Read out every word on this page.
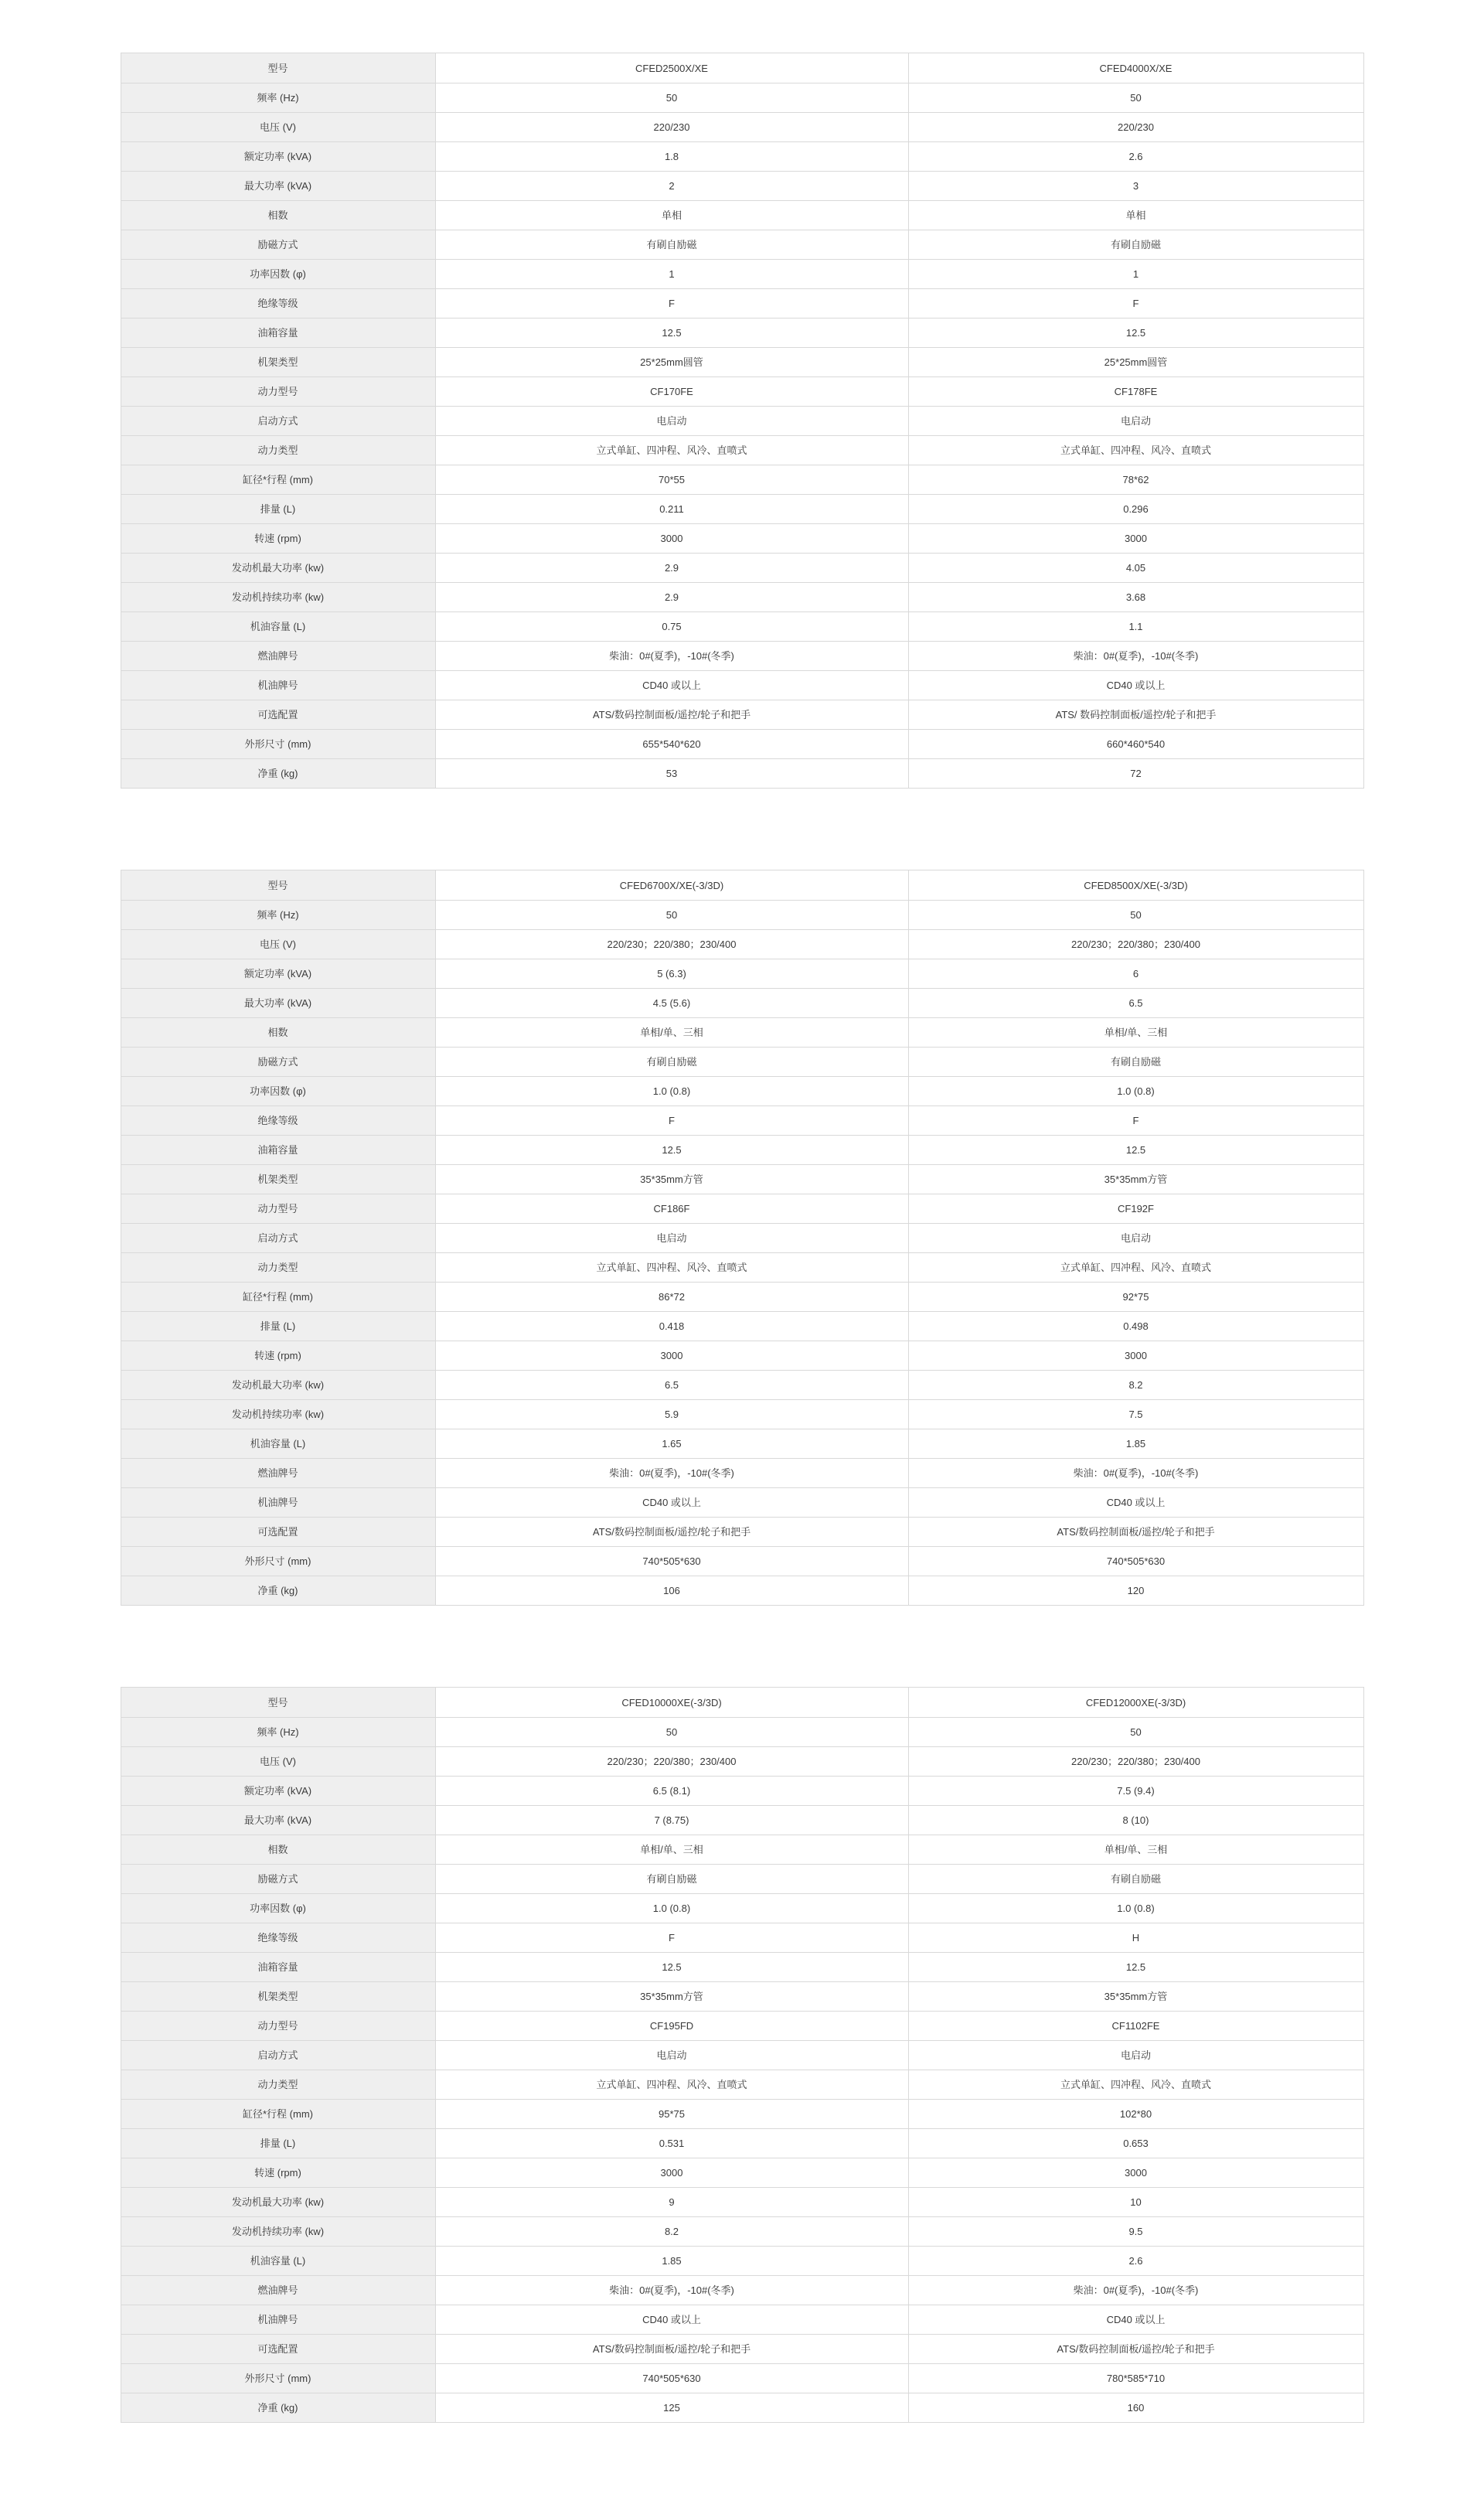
型号	CFED2500X/XE	CFED4000X/XE
频率 (Hz)	50	50
电压 (V)	220/230	220/230
额定功率 (kVA)	1.8	2.6
最大功率 (kVA)	2	3
相数	单相	单相
励磁方式	有刷自励磁	有刷自励磁
功率因数 (φ)	1	1
绝缘等级	F	F
油箱容量	12.5	12.5
机架类型	25*25mm圆管	25*25mm圆管
动力型号	CF170FE	CF178FE
启动方式	电启动	电启动
动力类型	立式单缸、四冲程、风冷、直喷式	立式单缸、四冲程、风冷、直喷式
缸径*行程 (mm)	70*55	78*62
排量 (L)	0.211	0.296
转速 (rpm)	3000	3000
发动机最大功率 (kw)	2.9	4.05
发动机持续功率 (kw)	2.9	3.68
机油容量 (L)	0.75	1.1
燃油牌号	柴油：0#(夏季)，-10#(冬季)	柴油：0#(夏季)，-10#(冬季)
机油牌号	CD40 或以上	CD40 或以上
可选配置	ATS/数码控制面板/遥控/轮子和把手	ATS/ 数码控制面板/遥控/轮子和把手
外形尺寸 (mm)	655*540*620	660*460*540
净重 (kg)	53	72
型号	CFED6700X/XE(-3/3D)	CFED8500X/XE(-3/3D)
频率 (Hz)	50	50
电压 (V)	220/230；220/380；230/400	220/230；220/380；230/400
额定功率 (kVA)	5 (6.3)	6
最大功率 (kVA)	4.5 (5.6)	6.5
相数	单相/单、三相	单相/单、三相
励磁方式	有刷自励磁	有刷自励磁
功率因数 (φ)	1.0 (0.8)	1.0 (0.8)
绝缘等级	F	F
油箱容量	12.5	12.5
机架类型	35*35mm方管	35*35mm方管
动力型号	CF186F	CF192F
启动方式	电启动	电启动
动力类型	立式单缸、四冲程、风冷、直喷式	立式单缸、四冲程、风冷、直喷式
缸径*行程 (mm)	86*72	92*75
排量 (L)	0.418	0.498
转速 (rpm)	3000	3000
发动机最大功率 (kw)	6.5	8.2
发动机持续功率 (kw)	5.9	7.5
机油容量 (L)	1.65	1.85
燃油牌号	柴油：0#(夏季)，-10#(冬季)	柴油：0#(夏季)，-10#(冬季)
机油牌号	CD40 或以上	CD40 或以上
可选配置	ATS/数码控制面板/遥控/轮子和把手	ATS/数码控制面板/遥控/轮子和把手
外形尺寸 (mm)	740*505*630	740*505*630
净重 (kg)	106	120
型号	CFED10000XE(-3/3D)	CFED12000XE(-3/3D)
频率 (Hz)	50	50
电压 (V)	220/230；220/380；230/400	220/230；220/380；230/400
额定功率 (kVA)	6.5 (8.1)	7.5 (9.4)
最大功率 (kVA)	7 (8.75)	8 (10)
相数	单相/单、三相	单相/单、三相
励磁方式	有刷自励磁	有刷自励磁
功率因数 (φ)	1.0 (0.8)	1.0 (0.8)
绝缘等级	F	H
油箱容量	12.5	12.5
机架类型	35*35mm方管	35*35mm方管
动力型号	CF195FD	CF1102FE
启动方式	电启动	电启动
动力类型	立式单缸、四冲程、风冷、直喷式	立式单缸、四冲程、风冷、直喷式
缸径*行程 (mm)	95*75	102*80
排量 (L)	0.531	0.653
转速 (rpm)	3000	3000
发动机最大功率 (kw)	9	10
发动机持续功率 (kw)	8.2	9.5
机油容量 (L)	1.85	2.6
燃油牌号	柴油：0#(夏季)，-10#(冬季)	柴油：0#(夏季)，-10#(冬季)
机油牌号	CD40 或以上	CD40 或以上
可选配置	ATS/数码控制面板/遥控/轮子和把手	ATS/数码控制面板/遥控/轮子和把手
外形尺寸 (mm)	740*505*630	780*585*710
净重 (kg)	125	160
